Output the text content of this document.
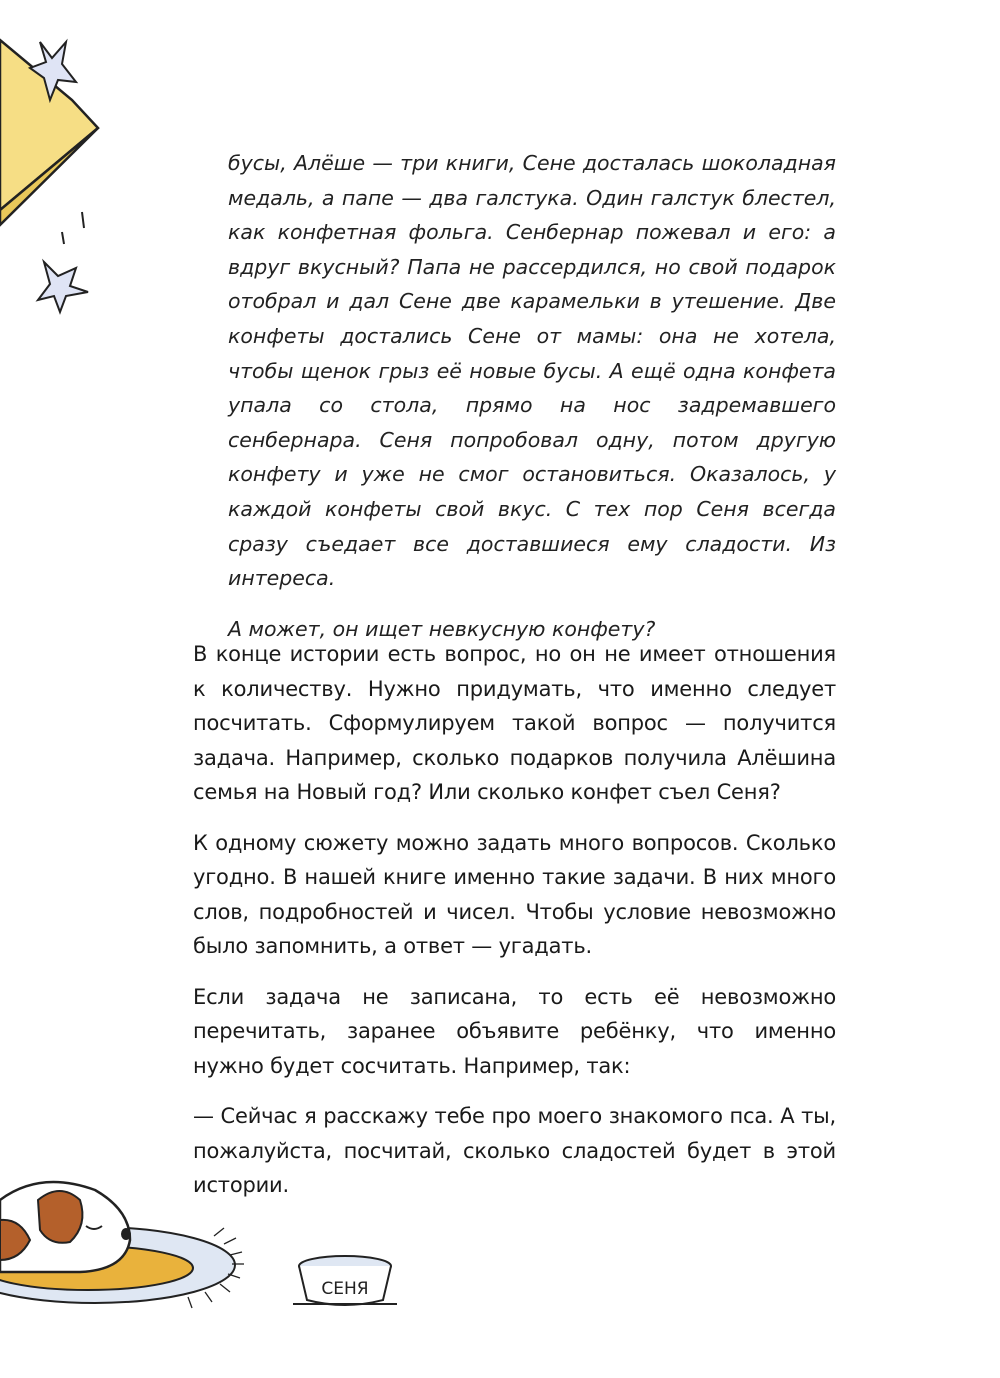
СЕНЯ

бусы, Алёше — три книги, Сене досталась шоколадная медаль, а папе — два галстука. Один галстук блестел, как конфетная фольга. Сенбернар пожевал и его: а вдруг вкусный? Папа не рассердился, но свой подарок отобрал и дал Сене две карамельки в утешение. Две конфеты достались Сене от мамы: она не хотела, чтобы щенок грыз её новые бусы. А ещё одна конфета упала со стола, прямо на нос задремавшего сенбернара. Сеня попробовал одну, потом другую конфету и уже не смог остановиться. Оказалось, у каждой конфеты свой вкус. С тех пор Сеня всегда сразу съедает все доставшиеся ему сладости. Из интереса.

А может, он ищет невкусную конфету?

В конце истории есть вопрос, но он не имеет отношения к количеству. Нужно придумать, что именно следует посчитать. Сформулируем такой вопрос — получится задача. Например, сколько подарков получила Алёшина семья на Новый год? Или сколько конфет съел Сеня?

К одному сюжету можно задать много вопросов. Сколько угодно. В нашей книге именно такие задачи. В них много слов, подробностей и чисел. Чтобы условие невозможно было запомнить, а ответ — угадать.

Если задача не записана, то есть её невозможно перечитать, заранее объявите ребёнку, что именно нужно будет сосчитать. Например, так:

— Сейчас я расскажу тебе про моего знакомого пса. А ты, пожалуйста, посчитай, сколько сладостей будет в этой истории.
